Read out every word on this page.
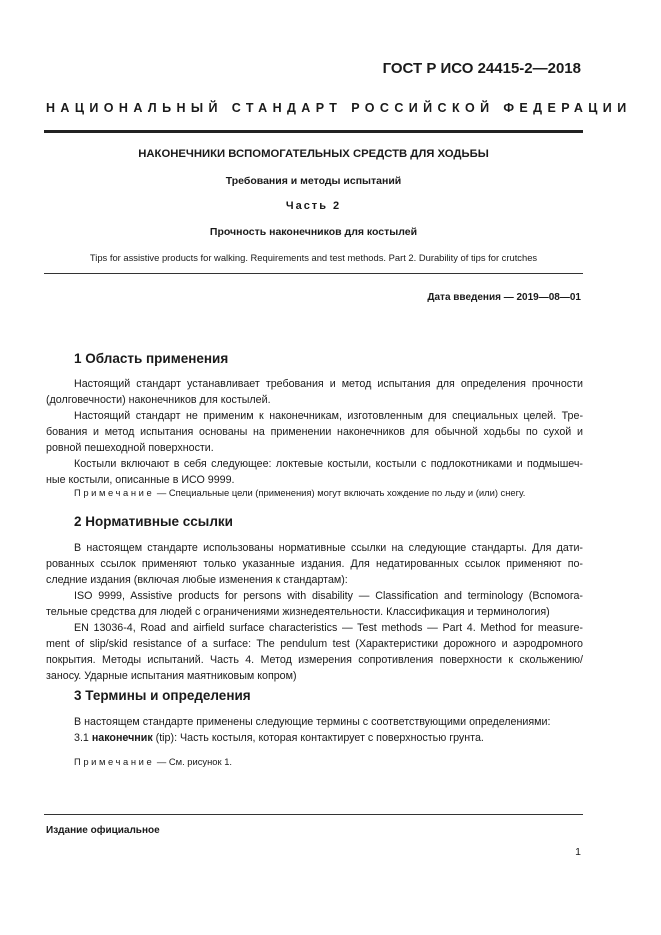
ГОСТ Р ИСО 24415-2—2018
НАЦИОНАЛЬНЫЙ СТАНДАРТ РОССИЙСКОЙ ФЕДЕРАЦИИ
НАКОНЕЧНИКИ ВСПОМОГАТЕЛЬНЫХ СРЕДСТВ ДЛЯ ХОДЬБЫ
Требования и методы испытаний
Часть 2
Прочность наконечников для костылей
Tips for assistive products for walking. Requirements and test methods. Part 2. Durability of tips for crutches
Дата введения — 2019—08—01
1 Область применения
Настоящий стандарт устанавливает требования и метод испытания для определения прочности
(долговечности) наконечников для костылей.
Настоящий стандарт не применим к наконечникам, изготовленным для специальных целей. Тре-
бования и метод испытания основаны на применении наконечников для обычной ходьбы по сухой и
ровной пешеходной поверхности.
Костыли включают в себя следующее: локтевые костыли, костыли с подлокотниками и подмышеч-
ные костыли, описанные в ИСО 9999.
Примечание — Специальные цели (применения) могут включать хождение по льду и (или) снегу.
2 Нормативные ссылки
В настоящем стандарте использованы нормативные ссылки на следующие стандарты. Для дати-
рованных ссылок применяют только указанные издания. Для недатированных ссылок применяют по-
следние издания (включая любые изменения к стандартам):
ISO 9999, Assistive products for persons with disability — Classification and terminology (Вспомога-
тельные средства для людей с ограничениями жизнедеятельности. Классификация и терминология)
EN 13036-4, Road and airfield surface characteristics — Test methods — Part 4. Method for measure-
ment of slip/skid resistance of a surface: The pendulum test (Характеристики дорожного и аэродромного
покрытия. Методы испытаний. Часть 4. Метод измерения сопротивления поверхности к скольжению/
заносу. Ударные испытания маятниковым копром)
3 Термины и определения
В настоящем стандарте применены следующие термины с соответствующими определениями:
3.1 наконечник (tip): Часть костыля, которая контактирует с поверхностью грунта.
Примечание — См. рисунок 1.
Издание официальное
1
